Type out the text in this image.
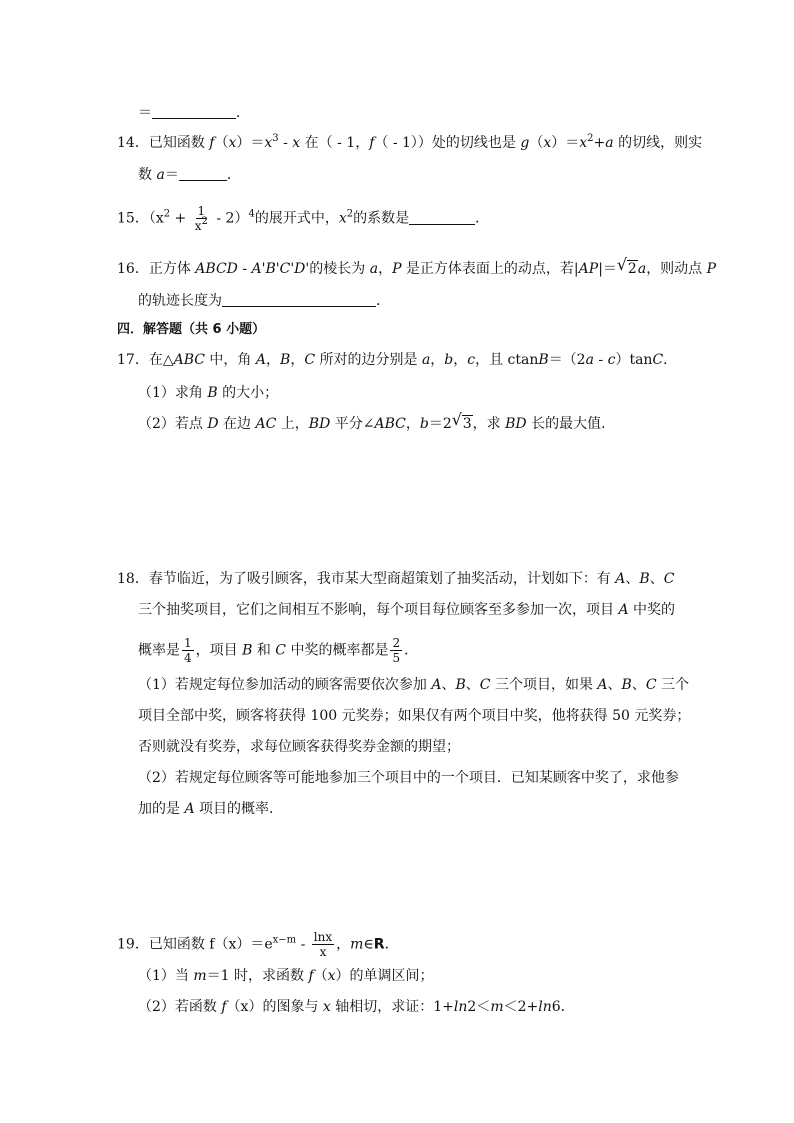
＝	．
14．已知函数 $f(x)=x^3 - x$ 在（ - 1，f（ - 1））处的切线也是 $g(x)=x^2+a$ 的切线，则实
数 a＝	．
15．$(x^2 + \frac{1}{x^2} - 2)^4$的展开式中，$x^2$的系数是	．
16．正方体 ABCD - A'B'C'D'的棱长为 a，P 是正方体表面上的动点，若|AP|＝ √ 2a，则动点 P
的轨迹长度为	．
四．解答题（共 6 小题）
17．在△ABC 中，角 A，B，C 所对的边分别是 a，b，c，且 ctanB＝（2a - c）tanC．
（1）求角 B 的大小；
（2）若点 D 在边 AC 上，BD 平分∠ABC，b＝2 √ 3，求 BD 长的最大值．
18．春节临近，为了吸引顾客，我市某大型商超策划了抽奖活动，计划如下：有 A、B、C
三个抽奖项目，它们之间相互不影响，每个项目每位顾客至多参加一次，项目 A 中奖的
概率是 $\frac{1}{4}$ ，项目 B 和 C 中奖的概率都是 $\frac{2}{5}$ ．
（1）若规定每位参加活动的顾客需要依次参加 A、B、C 三个项目，如果 A、B、C 三个
项目全部中奖，顾客将获得 100 元奖券；如果仅有两个项目中奖，他将获得 50 元奖券；
否则就没有奖券，求每位顾客获得奖券金额的期望；
（2）若规定每位顾客等可能地参加三个项目中的一个项目．已知某顾客中奖了，求他参
加的是 A 项目的概率．
19．已知函数 $f(x)=e^{x-m} - \frac{\ln x}{x}$ ，m∈R．
（1）当 m＝1 时，求函数 f（x）的单调区间；
（2）若函数 f（x）的图象与 x 轴相切，求证：1+ln2＜m＜2+ln6．
